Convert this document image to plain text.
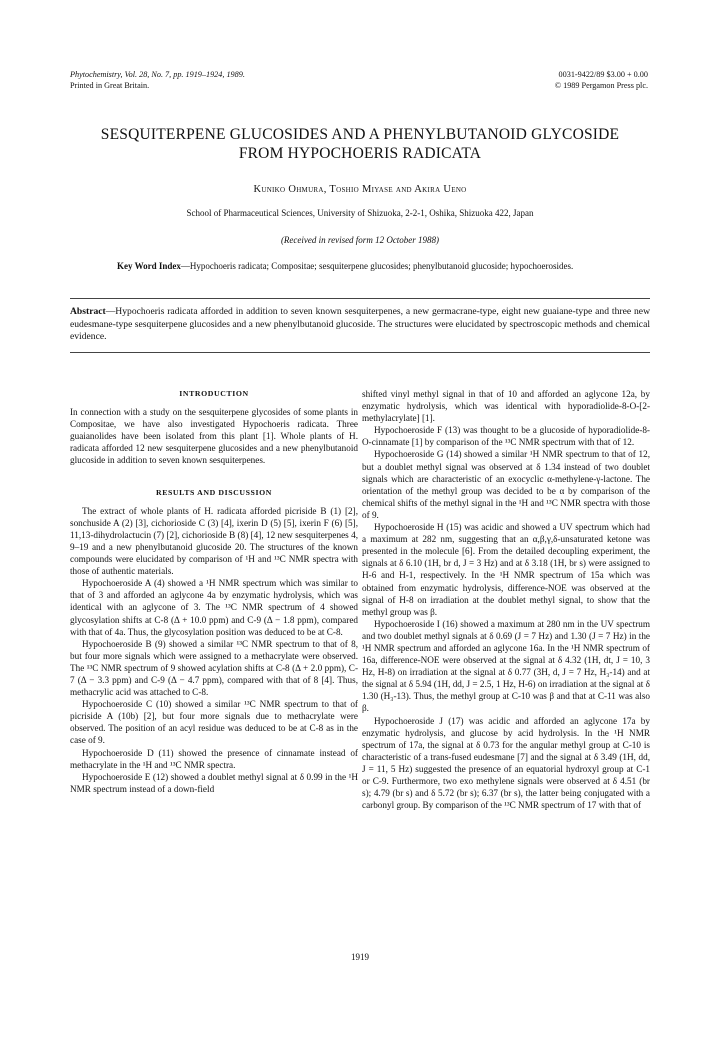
Phytochemistry, Vol. 28, No. 7, pp. 1919–1924, 1989.
Printed in Great Britain.
0031-9422/89 $3.00 + 0.00
© 1989 Pergamon Press plc.
SESQUITERPENE GLUCOSIDES AND A PHENYLBUTANOID GLYCOSIDE
FROM HYPOCHOERIS RADICATA
Kuniko Ohmura, Toshio Miyase and Akira Ueno
School of Pharmaceutical Sciences, University of Shizuoka, 2-2-1, Oshika, Shizuoka 422, Japan
(Received in revised form 12 October 1988)
Key Word Index—Hypochoeris radicata; Compositae; sesquiterpene glucosides; phenylbutanoid glucoside; hypochoerosides.
Abstract—Hypochoeris radicata afforded in addition to seven known sesquiterpenes, a new germacrane-type, eight new guaiane-type and three new eudesmane-type sesquiterpene glucosides and a new phenylbutanoid glucoside. The structures were elucidated by spectroscopic methods and chemical evidence.
INTRODUCTION

In connection with a study on the sesquiterpene glycosides of some plants in Compositae, we have also investigated Hypochoeris radicata. Three guaianolides have been isolated from this plant [1]. Whole plants of H. radicata afforded 12 new sesquiterpene glucosides and a new phenylbutanoid glucoside in addition to seven known sesquiterpenes.

RESULTS AND DISCUSSION

The extract of whole plants of H. radicata afforded picriside B (1) [2], sonchuside A (2) [3], cichorioside C (3) [4], ixerin D (5) [5], ixerin F (6) [5], 11,13-dihydrolactucin (7) [2], cichorioside B (8) [4], 12 new sesquiterpenes 4, 9–19 and a new phenylbutanoid glucoside 20. The structures of the known compounds were elucidated by comparison of ¹H and ¹³C NMR spectra with those of authentic materials.

Hypochoeroside A (4) showed a ¹H NMR spectrum which was similar to that of 3 and afforded an aglycone 4a by enzymatic hydrolysis, which was identical with an aglycone of 3. The ¹³C NMR spectrum of 4 showed glycosylation shifts at C-8 (Δ + 10.0 ppm) and C-9 (Δ − 1.8 ppm), compared with that of 4a. Thus, the glycosylation position was deduced to be at C-8.

Hypochoeroside B (9) showed a similar ¹³C NMR spectrum to that of 8, but four more signals which were assigned to a methacrylate were observed. The ¹³C NMR spectrum of 9 showed acylation shifts at C-8 (Δ + 2.0 ppm), C-7 (Δ − 3.3 ppm) and C-9 (Δ − 4.7 ppm), compared with that of 8 [4]. Thus, methacrylic acid was attached to C-8.

Hypochoeroside C (10) showed a similar ¹³C NMR spectrum to that of picriside A (10b) [2], but four more signals due to methacrylate were observed. The position of an acyl residue was deduced to be at C-8 as in the case of 9.

Hypochoeroside D (11) showed the presence of cinnamate instead of methacrylate in the ¹H and ¹³C NMR spectra.

Hypochoeroside E (12) showed a doublet methyl signal at δ 0.99 in the ¹H NMR spectrum instead of a down-field

shifted vinyl methyl signal in that of 10 and afforded an aglycone 12a, by enzymatic hydrolysis, which was identical with hyporadiolide-8-O-[2-methylacrylate] [1].

Hypochoeroside F (13) was thought to be a glucoside of hyporadiolide-8-O-cinnamate [1] by comparison of the ¹³C NMR spectrum with that of 12.

Hypochoeroside G (14) showed a similar ¹H NMR spectrum to that of 12, but a doublet methyl signal was observed at δ 1.34 instead of two doublet signals which are characteristic of an exocyclic α-methylene-γ-lactone. The orientation of the methyl group was decided to be α by comparison of the chemical shifts of the methyl signal in the ¹H and ¹³C NMR spectra with those of 9.

Hypochoeroside H (15) was acidic and showed a UV spectrum which had a maximum at 282 nm, suggesting that an α,β,γ,δ-unsaturated ketone was presented in the molecule [6]. From the detailed decoupling experiment, the signals at δ 6.10 (1H, br d, J = 3 Hz) and at δ 3.18 (1H, br s) were assigned to H-6 and H-1, respectively. In the ¹H NMR spectrum of 15a which was obtained from enzymatic hydrolysis, difference-NOE was observed at the signal of H-8 on irradiation at the doublet methyl signal, to show that the methyl group was β.

Hypochoeroside I (16) showed a maximum at 280 nm in the UV spectrum and two doublet methyl signals at δ 0.69 (J = 7 Hz) and 1.30 (J = 7 Hz) in the ¹H NMR spectrum and afforded an aglycone 16a. In the ¹H NMR spectrum of 16a, difference-NOE were observed at the signal at δ 4.32 (1H, dt, J = 10, 3 Hz, H-8) on irradiation at the signal at δ 0.77 (3H, d, J = 7 Hz, H₃-14) and at the signal at δ 5.94 (1H, dd, J = 2.5, 1 Hz, H-6) on irradiation at the signal at δ 1.30 (H₃-13). Thus, the methyl group at C-10 was β and that at C-11 was also β.

Hypochoeroside J (17) was acidic and afforded an aglycone 17a by enzymatic hydrolysis, and glucose by acid hydrolysis. In the ¹H NMR spectrum of 17a, the signal at δ 0.73 for the angular methyl group at C-10 is characteristic of a trans-fused eudesmane [7] and the signal at δ 3.49 (1H, dd, J = 11, 5 Hz) suggested the presence of an equatorial hydroxyl group at C-1 or C-9. Furthermore, two exo methylene signals were observed at δ 4.51 (br s); 4.79 (br s) and δ 5.72 (br s); 6.37 (br s), the latter being conjugated with a carbonyl group. By comparison of the ¹³C NMR spectrum of 17 with that of

1919
